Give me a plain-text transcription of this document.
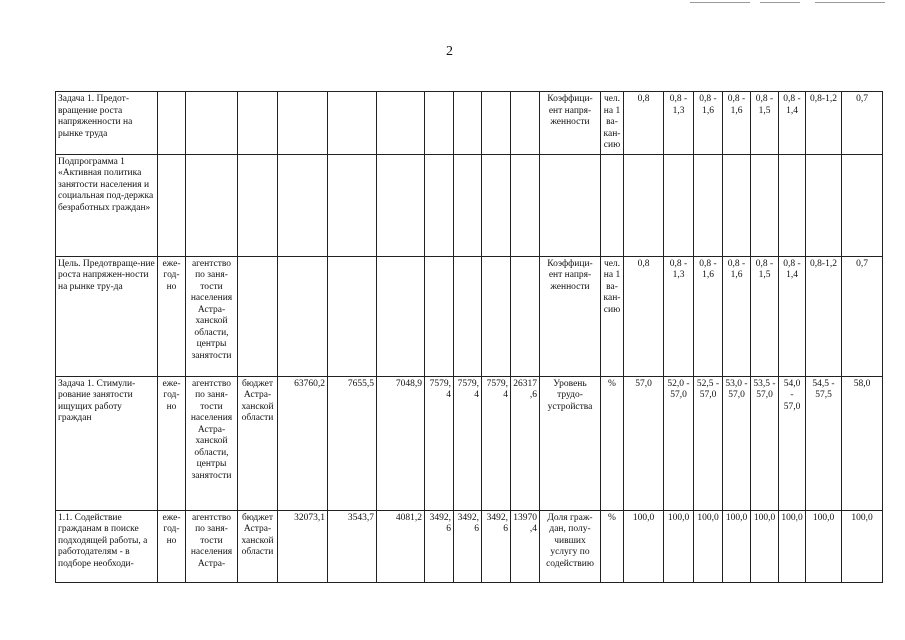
2
Задача 1. Предот-вращение роста напряженности на рынке труда											Коэффици-ент напря-женности	чел. на 1 ва-кан-сию	0,8	0,8 - 1,3	0,8 - 1,6	0,8 - 1,6	0,8 - 1,5	0,8 - 1,4	0,8-1,2	0,7
Подпрограмма 1 «Активная политика занятости населения и социальная под-держка безработных граждан»																				
Цель. Предотвраще-ние роста напряжен-ности на рынке тру-да	еже-год-но	агентство по заня-тости населения Астра-ханской области, центры занятости									Коэффици-ент напря-женности	чел. на 1 ва-кан-сию	0,8	0,8 - 1,3	0,8 - 1,6	0,8 - 1,6	0,8 - 1,5	0,8 - 1,4	0,8-1,2	0,7
Задача 1. Стимули-рование занятости ищущих работу граждан	еже-год-но	агентство по заня-тости населения Астра-ханской области, центры занятости	бюджет Астра-ханской области	63760,2	7655,5	7048,9	7579,4	7579,4	7579,4	26317,6	Уровень трудо-устройства	%	57,0	52,0 - 57,0	52,5 - 57,0	53,0 - 57,0	53,5 - 57,0	54,0 - 57,0	54,5 - 57,5	58,0
1.1. Содействие гражданам в поиске подходящей работы, а работодателям - в подборе необходи-	еже-год-но	агентство по заня-тости населения Астра-	бюджет Астра-ханской области	32073,1	3543,7	4081,2	3492,6	3492,6	3492,6	13970,4	Доля граж-дан, полу-чивших услугу по содействию	%	100,0	100,0	100,0	100,0	100,0	100,0	100,0	100,0
